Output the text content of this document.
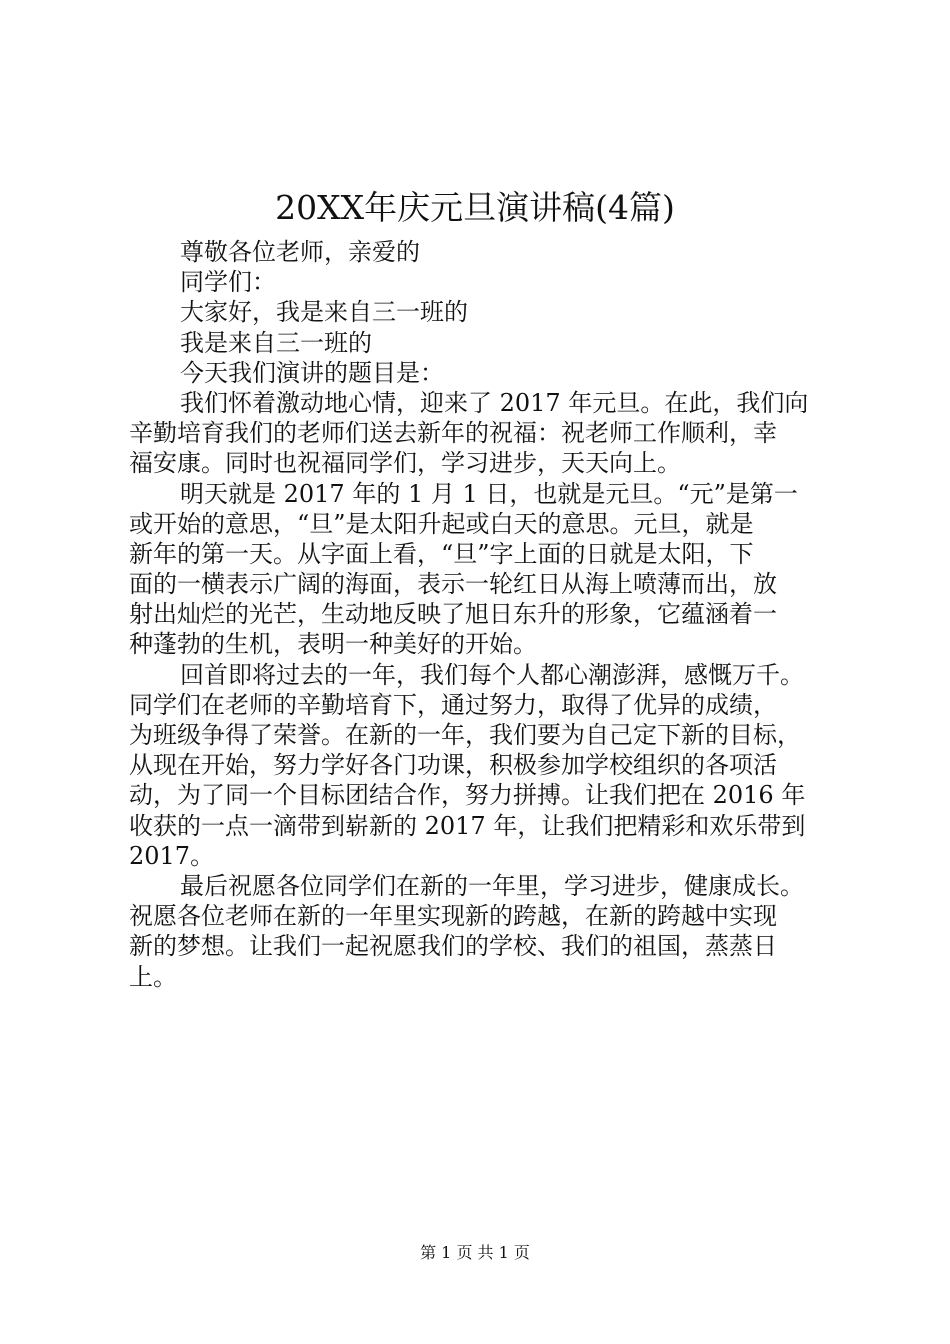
20XX年庆元旦演讲稿(4篇)
尊敬各位老师，亲爱的
同学们：
大家好，我是来自三一班的
我是来自三一班的
今天我们演讲的题目是：
我们怀着激动地心情，迎来了 2017 年元旦。在此，我们向
辛勤培育我们的老师们送去新年的祝福：祝老师工作顺利，幸
福安康。同时也祝福同学们，学习进步，天天向上。
明天就是 2017 年的 1 月 1 日，也就是元旦。“元”是第一
或开始的意思，“旦”是太阳升起或白天的意思。元旦，就是
新年的第一天。从字面上看，“旦”字上面的日就是太阳，下
面的一横表示广阔的海面，表示一轮红日从海上喷薄而出，放
射出灿烂的光芒，生动地反映了旭日东升的形象，它蕴涵着一
种蓬勃的生机，表明一种美好的开始。
回首即将过去的一年，我们每个人都心潮澎湃，感慨万千。
同学们在老师的辛勤培育下，通过努力，取得了优异的成绩，
为班级争得了荣誉。在新的一年，我们要为自己定下新的目标，
从现在开始，努力学好各门功课，积极参加学校组织的各项活
动，为了同一个目标团结合作，努力拼搏。让我们把在 2016 年
收获的一点一滴带到崭新的 2017 年，让我们把精彩和欢乐带到
2017。
最后祝愿各位同学们在新的一年里，学习进步，健康成长。
祝愿各位老师在新的一年里实现新的跨越，在新的跨越中实现
新的梦想。让我们一起祝愿我们的学校、我们的祖国，蒸蒸日
上。
第 1 页 共 1 页
